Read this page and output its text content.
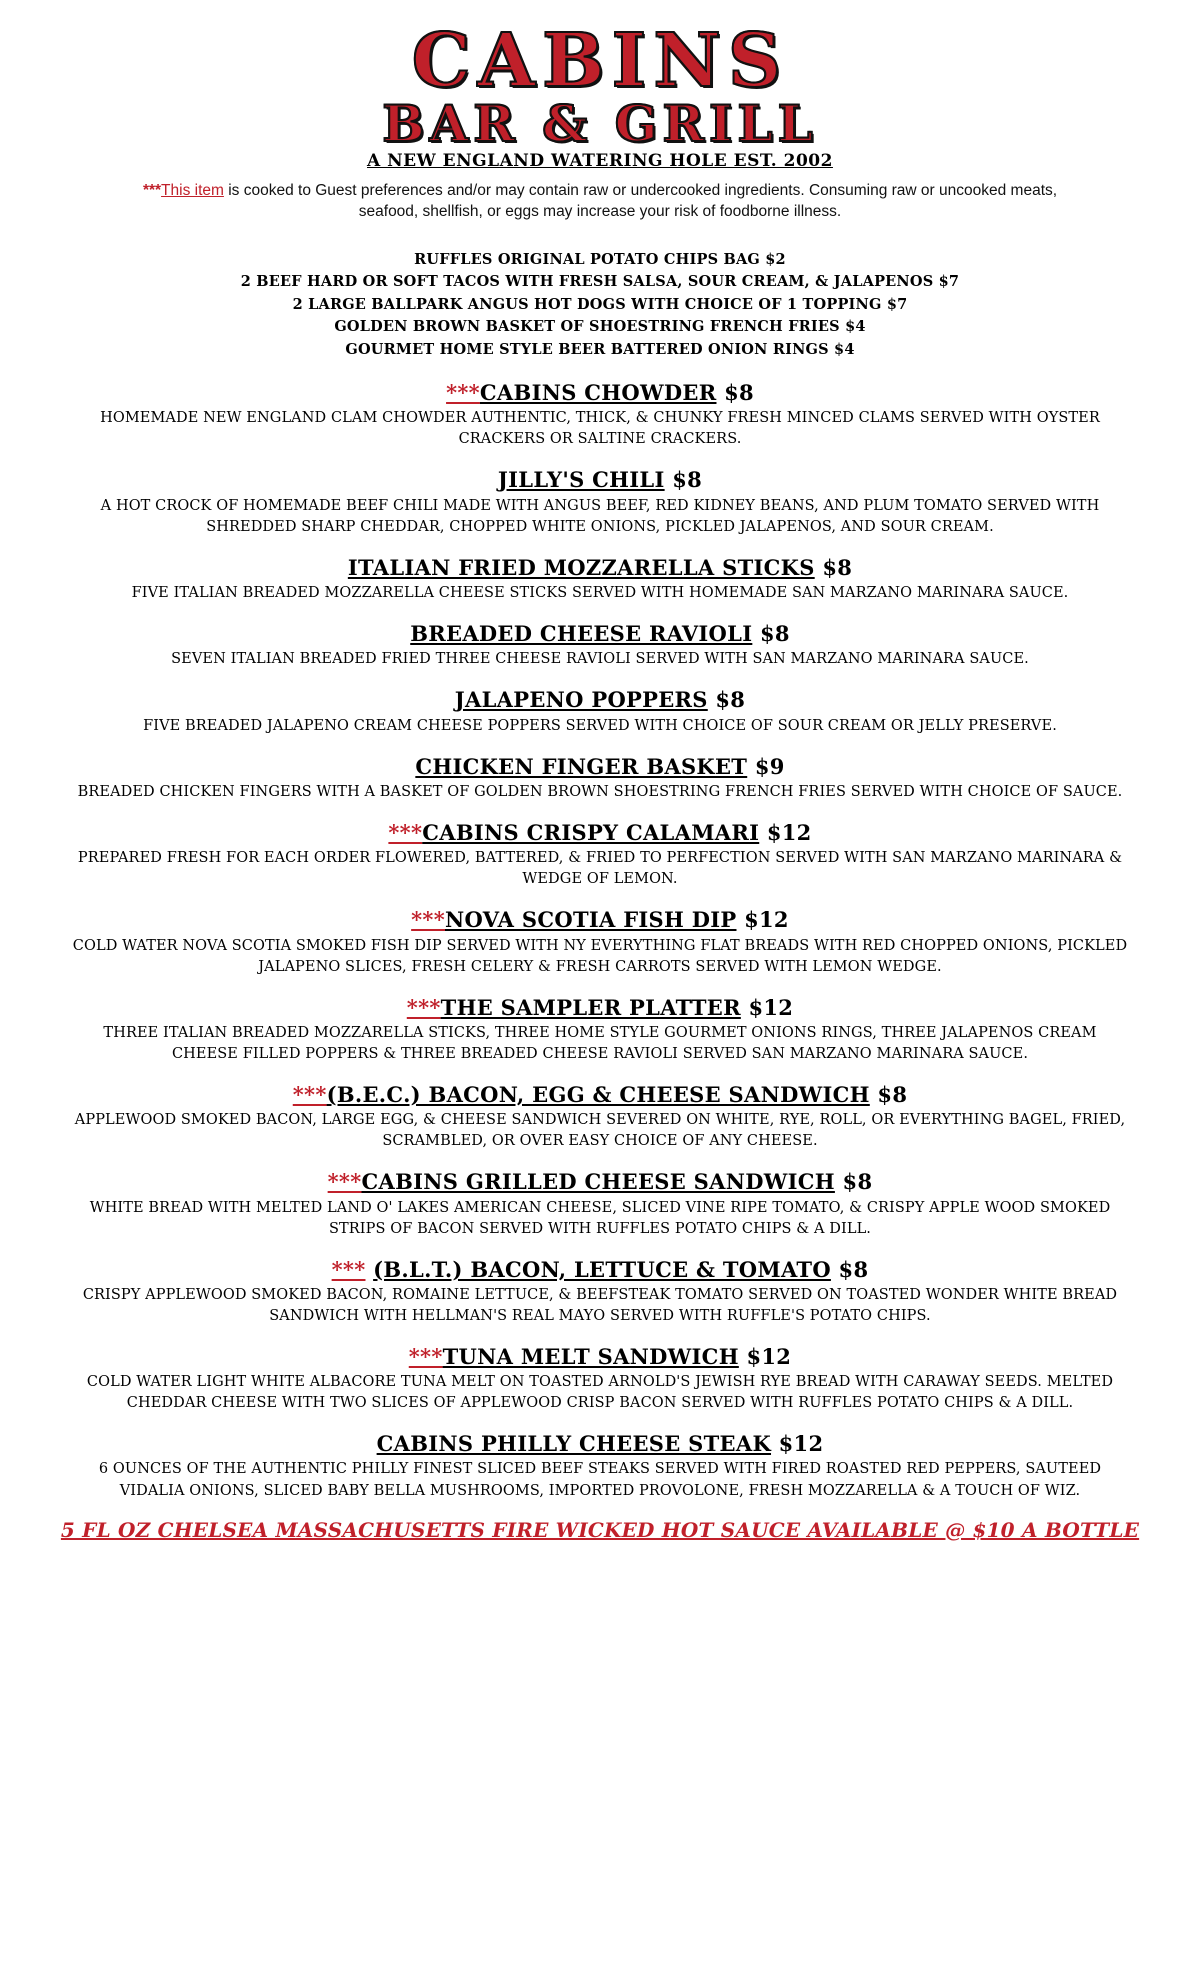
CABINS
BAR & GRILL
A NEW ENGLAND WATERING HOLE EST. 2002
***This item is cooked to Guest preferences and/or may contain raw or undercooked ingredients. Consuming raw or uncooked meats, seafood, shellfish, or eggs may increase your risk of foodborne illness.
RUFFLES ORIGINAL POTATO CHIPS BAG $2
2 BEEF HARD OR SOFT TACOS WITH FRESH SALSA, SOUR CREAM, & JALAPENOS $7
2 LARGE BALLPARK ANGUS HOT DOGS WITH CHOICE OF 1 TOPPING $7
GOLDEN BROWN BASKET OF SHOESTRING FRENCH FRIES $4
GOURMET HOME STYLE BEER BATTERED ONION RINGS $4
***CABINS CHOWDER $8
HOMEMADE NEW ENGLAND CLAM CHOWDER AUTHENTIC, THICK, & CHUNKY FRESH MINCED CLAMS SERVED WITH OYSTER CRACKERS OR SALTINE CRACKERS.
JILLY'S CHILI $8
A HOT CROCK OF HOMEMADE BEEF CHILI MADE WITH ANGUS BEEF, RED KIDNEY BEANS, AND PLUM TOMATO SERVED WITH SHREDDED SHARP CHEDDAR, CHOPPED WHITE ONIONS, PICKLED JALAPENOS, AND SOUR CREAM.
ITALIAN FRIED MOZZARELLA STICKS $8
FIVE ITALIAN BREADED MOZZARELLA CHEESE STICKS SERVED WITH HOMEMADE SAN MARZANO MARINARA SAUCE.
BREADED CHEESE RAVIOLI $8
SEVEN ITALIAN BREADED FRIED THREE CHEESE RAVIOLI SERVED WITH SAN MARZANO MARINARA SAUCE.
JALAPENO POPPERS $8
FIVE BREADED JALAPENO CREAM CHEESE POPPERS SERVED WITH CHOICE OF SOUR CREAM OR JELLY PRESERVE.
CHICKEN FINGER BASKET $9
BREADED CHICKEN FINGERS WITH A BASKET OF GOLDEN BROWN SHOESTRING FRENCH FRIES SERVED WITH CHOICE OF SAUCE.
***CABINS CRISPY CALAMARI $12
PREPARED FRESH FOR EACH ORDER FLOWERED, BATTERED, & FRIED TO PERFECTION SERVED WITH SAN MARZANO MARINARA & WEDGE OF LEMON.
***NOVA SCOTIA FISH DIP $12
COLD WATER NOVA SCOTIA SMOKED FISH DIP SERVED WITH NY EVERYTHING FLAT BREADS WITH RED CHOPPED ONIONS, PICKLED JALAPENO SLICES, FRESH CELERY & FRESH CARROTS SERVED WITH LEMON WEDGE.
***THE SAMPLER PLATTER $12
THREE ITALIAN BREADED MOZZARELLA STICKS, THREE HOME STYLE GOURMET ONIONS RINGS, THREE JALAPENOS CREAM CHEESE FILLED POPPERS & THREE BREADED CHEESE RAVIOLI SERVED SAN MARZANO MARINARA SAUCE.
***(B.E.C.) BACON, EGG & CHEESE SANDWICH $8
APPLEWOOD SMOKED BACON, LARGE EGG, & CHEESE SANDWICH SEVERED ON WHITE, RYE, ROLL, OR EVERYTHING BAGEL, FRIED, SCRAMBLED, OR OVER EASY CHOICE OF ANY CHEESE.
***CABINS GRILLED CHEESE SANDWICH $8
WHITE BREAD WITH MELTED LAND O' LAKES AMERICAN CHEESE, SLICED VINE RIPE TOMATO, & CRISPY APPLE WOOD SMOKED STRIPS OF BACON SERVED WITH RUFFLES POTATO CHIPS & A DILL.
*** (B.L.T.) BACON, LETTUCE & TOMATO $8
CRISPY APPLEWOOD SMOKED BACON, ROMAINE LETTUCE, & BEEFSTEAK TOMATO SERVED ON TOASTED WONDER WHITE BREAD SANDWICH WITH HELLMAN'S REAL MAYO SERVED WITH RUFFLE'S POTATO CHIPS.
***TUNA MELT SANDWICH $12
COLD WATER LIGHT WHITE ALBACORE TUNA MELT ON TOASTED ARNOLD'S JEWISH RYE BREAD WITH CARAWAY SEEDS. MELTED CHEDDAR CHEESE WITH TWO SLICES OF APPLEWOOD CRISP BACON SERVED WITH RUFFLES POTATO CHIPS & A DILL.
CABINS PHILLY CHEESE STEAK $12
6 OUNCES OF THE AUTHENTIC PHILLY FINEST SLICED BEEF STEAKS SERVED WITH FIRED ROASTED RED PEPPERS, SAUTEED VIDALIA ONIONS, SLICED BABY BELLA MUSHROOMS, IMPORTED PROVOLONE, FRESH MOZZARELLA & A TOUCH OF WIZ.
5 FL OZ CHELSEA MASSACHUSETTS FIRE WICKED HOT SAUCE AVAILABLE @ $10 A BOTTLE
